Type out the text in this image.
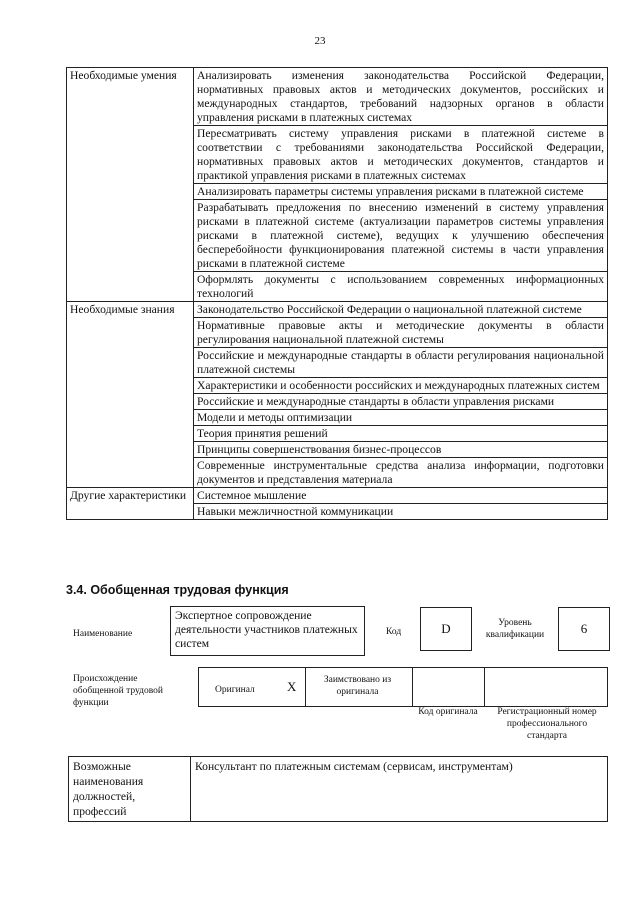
23
Необходимые умения	Анализировать изменения законодательства Российской Федерации, нормативных правовых актов и методических документов, российских и международных стандартов, требований надзорных органов в области управления рисками в платежных системах
	Пересматривать систему управления рисками в платежной системе в соответствии с требованиями законодательства Российской Федерации, нормативных правовых актов и методических документов, стандартов и практикой управления рисками в платежных системах
	Анализировать параметры системы управления рисками в платежной системе
	Разрабатывать предложения по внесению изменений в систему управления рисками в платежной системе (актуализации параметров системы управления рисками в платежной системе), ведущих к улучшению обеспечения бесперебойности функционирования платежной системы в части управления рисками в платежной системе
	Оформлять документы с использованием современных информационных технологий
Необходимые знания	Законодательство Российской Федерации о национальной платежной системе
	Нормативные правовые акты и методические документы в области регулирования национальной платежной системы
	Российские и международные стандарты в области регулирования национальной платежной системы
	Характеристики и особенности российских и международных платежных систем
	Российские и международные стандарты в области управления рисками
	Модели и методы оптимизации
	Теория принятия решений
	Принципы совершенствования бизнес-процессов
	Современные инструментальные средства анализа информации, подготовки документов и представления материала
Другие характеристики	Системное мышление
	Навыки межличностной коммуникации
3.4. Обобщенная трудовая функция
Наименование
Экспертное сопровождение деятельности участников платежных систем
Код	D	Уровень квалификации	6
Происхождение обобщенной трудовой функции
Оригинал X	Заимствовано из оригинала
Код оригинала	Регистрационный номер профессионального стандарта
Возможные наименования должностей, профессий	Консультант по платежным системам (сервисам, инструментам)
